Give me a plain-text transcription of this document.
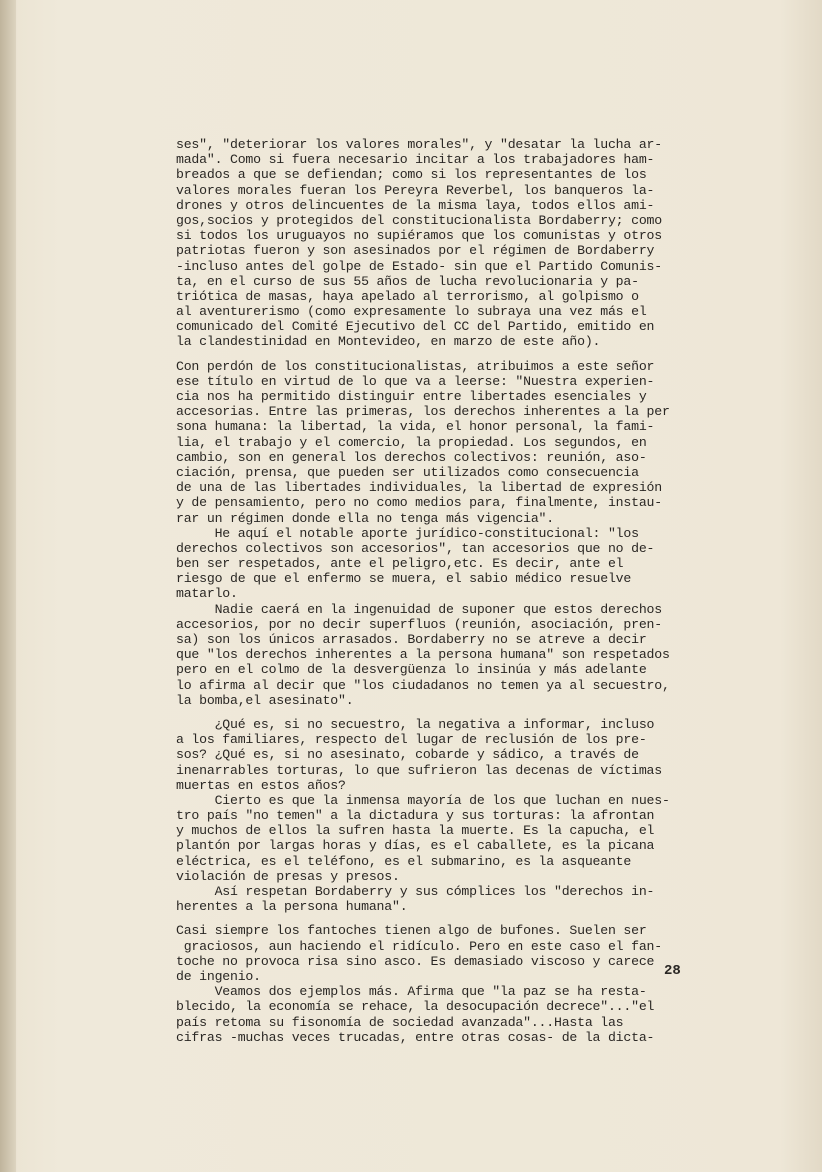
ses", "deteriorar los valores morales", y "desatar la lucha ar-
mada". Como si fuera necesario incitar a los trabajadores ham-
breados a que se defiendan; como si los representantes de los
valores morales fueran los Pereyra Reverbel, los banqueros la-
drones y otros delincuentes de la misma laya, todos ellos ami-
gos,socios y protegidos del constitucionalista Bordaberry; como
si todos los uruguayos no supiéramos que los comunistas y otros
patriotas fueron y son asesinados por el régimen de Bordaberry
-incluso antes del golpe de Estado- sin que el Partido Comunis-
ta, en el curso de sus 55 años de lucha revolucionaria y pa-
triótica de masas, haya apelado al terrorismo, al golpismo o
al aventurerismo (como expresamente lo subraya una vez más el
comunicado del Comité Ejecutivo del CC del Partido, emitido en
la clandestinidad en Montevideo, en marzo de este año).
Con perdón de los constitucionalistas, atribuimos a este señor
ese título en virtud de lo que va a leerse: "Nuestra experien-
cia nos ha permitido distinguir entre libertades esenciales y
accesorias. Entre las primeras, los derechos inherentes a la per
sona humana: la libertad, la vida, el honor personal, la fami-
lia, el trabajo y el comercio, la propiedad. Los segundos, en
cambio, son en general los derechos colectivos: reunión, aso-
ciación, prensa, que pueden ser utilizados como consecuencia
de una de las libertades individuales, la libertad de expresión
y de pensamiento, pero no como medios para, finalmente, instau-
rar un régimen donde ella no tenga más vigencia".
He aquí el notable aporte jurídico-constitucional: "los
derechos colectivos son accesorios", tan accesorios que no de-
ben ser respetados, ante el peligro,etc. Es decir, ante el
riesgo de que el enfermo se muera, el sabio médico resuelve
matarlo.
Nadie caerá en la ingenuidad de suponer que estos derechos
accesorios, por no decir superfluos (reunión, asociación, pren-
sa) son los únicos arrasados. Bordaberry no se atreve a decir
que "los derechos inherentes a la persona humana" son respetados
pero en el colmo de la desvergüenza lo insinúa y más adelante
lo afirma al decir que "los ciudadanos no temen ya al secuestro,
la bomba,el asesinato".
¿Qué es, si no secuestro, la negativa a informar, incluso
a los familiares, respecto del lugar de reclusión de los pre-
sos? ¿Qué es, si no asesinato, cobarde y sádico, a través de
inenarrables torturas, lo que sufrieron las decenas de víctimas
muertas en estos años?
Cierto es que la inmensa mayoría de los que luchan en nues-
tro país "no temen" a la dictadura y sus torturas: la afrontan
y muchos de ellos la sufren hasta la muerte. Es la capucha, el
plantón por largas horas y días, es el caballete, es la picana
eléctrica, es el teléfono, es el submarino, es la asqueante
violación de presas y presos.
Así respetan Bordaberry y sus cómplices los "derechos in-
herentes a la persona humana".
Casi siempre los fantoches tienen algo de bufones. Suelen ser
graciosos, aun haciendo el ridículo. Pero en este caso el fan-
toche no provoca risa sino asco. Es demasiado viscoso y carece
de ingenio.
Veamos dos ejemplos más. Afirma que "la paz se ha resta-
blecido, la economía se rehace, la desocupación decrece"..."el
país retoma su fisonomía de sociedad avanzada"...Hasta las
cifras -muchas veces trucadas, entre otras cosas- de la dicta-
28
